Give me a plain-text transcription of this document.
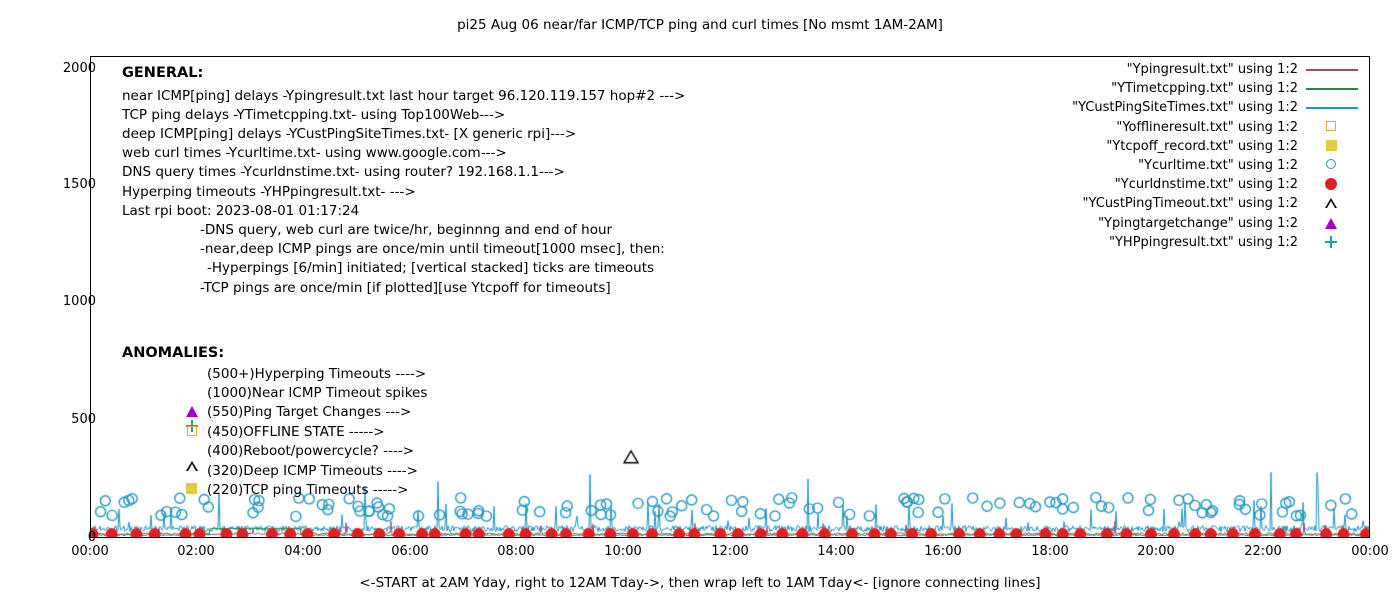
pi25 Aug 06 near/far ICMP/TCP ping and curl times [No msmt 1AM-2AM]
2000
1500
1000
500
0
00:00	02:00	04:00	06:00	08:00	10:00	12:00	14:00	16:00	18:00	20:00	22:00	00:00
<-START at 2AM Yday, right to 12AM Tday->, then wrap left to 1AM Tday<- [ignore connecting lines]
GENERAL:
near ICMP[ping] delays -Ypingresult.txt last hour target 96.120.119.157 hop#2 --->
TCP ping delays -YTimetcpping.txt- using Top100Web--->
deep ICMP[ping] delays -YCustPingSiteTimes.txt- [X generic rpi]--->
web curl times -Ycurltime.txt- using www.google.com--->
DNS query times -Ycurldnstime.txt- using router? 192.168.1.1--->
Hyperping timeouts -YHPpingresult.txt- --->
Last rpi boot: 2023-08-01 01:17:24
-DNS query, web curl are twice/hr, beginnng and end of hour
-near,deep ICMP pings are once/min until timeout[1000 msec], then:
-Hyperpings [6/min] initiated; [vertical stacked] ticks are timeouts
-TCP pings are once/min [if plotted][use Ytcpoff for timeouts]
ANOMALIES:
(500+)Hyperping Timeouts ---->
(1000)Near ICMP Timeout spikes
(550)Ping Target Changes --->
(450)OFFLINE STATE ----->
(400)Reboot/powercycle? ---->
(320)Deep ICMP Timeouts ---->
(220)TCP ping Timeouts ----->
"Ypingresult.txt" using 1:2
"YTimetcpping.txt" using 1:2
"YCustPingSiteTimes.txt" using 1:2
"Yofflineresult.txt" using 1:2
"Ytcpoff_record.txt" using 1:2
"Ycurltime.txt" using 1:2
"Ycurldnstime.txt" using 1:2
"YCustPingTimeout.txt" using 1:2
"Ypingtargetchange" using 1:2
"YHPpingresult.txt" using 1:2
